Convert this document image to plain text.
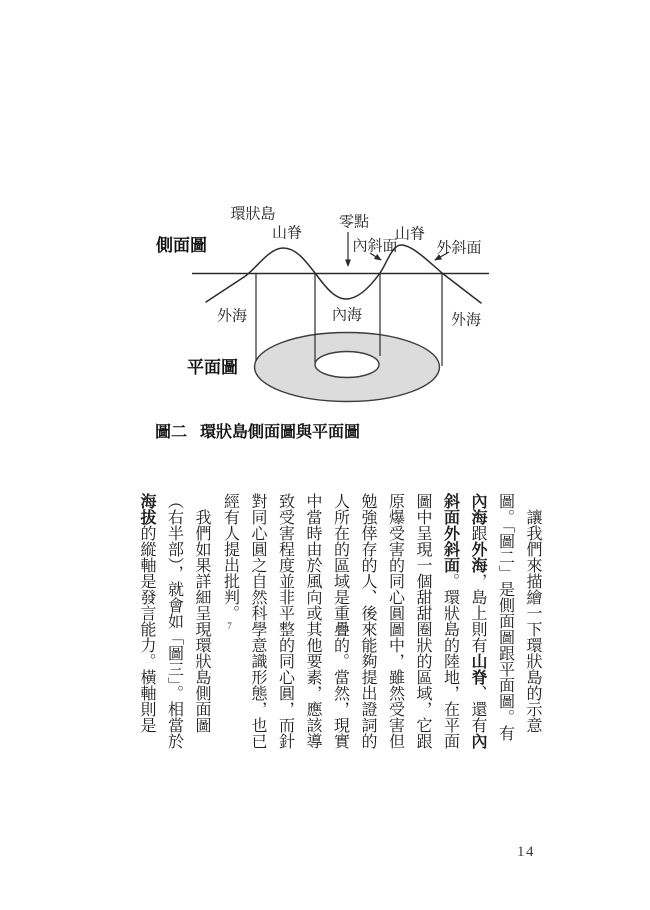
環狀島
側面圖
山脊
零點
內斜面
山脊
外斜面
外海	內海	外海
平面圖
圖二 環狀島側面圖與平面圖

讓我們來描繪一下環狀島的示意圖。「圖二」是側面圖跟平面圖。有內海跟外海，島上則有山脊、還有內斜面外斜面。環狀島的陸地，在平面圖中呈現一個甜甜圈狀的區域，它跟原爆受害的同心圓圖中，雖然受害但勉強倖存的人、後來能夠提出證詞的人所在的區域是重疊的。當然，現實中當時由於風向或其他要素，應該導致受害程度並非平整的同心圓，而針對同心圓之自然科學意識形態，也已經有人提出批判。7

我們如果詳細呈現環狀島側面圖（右半部），就會如「圖三」。相當於海拔的縱軸是發言能力。橫軸則是

14
